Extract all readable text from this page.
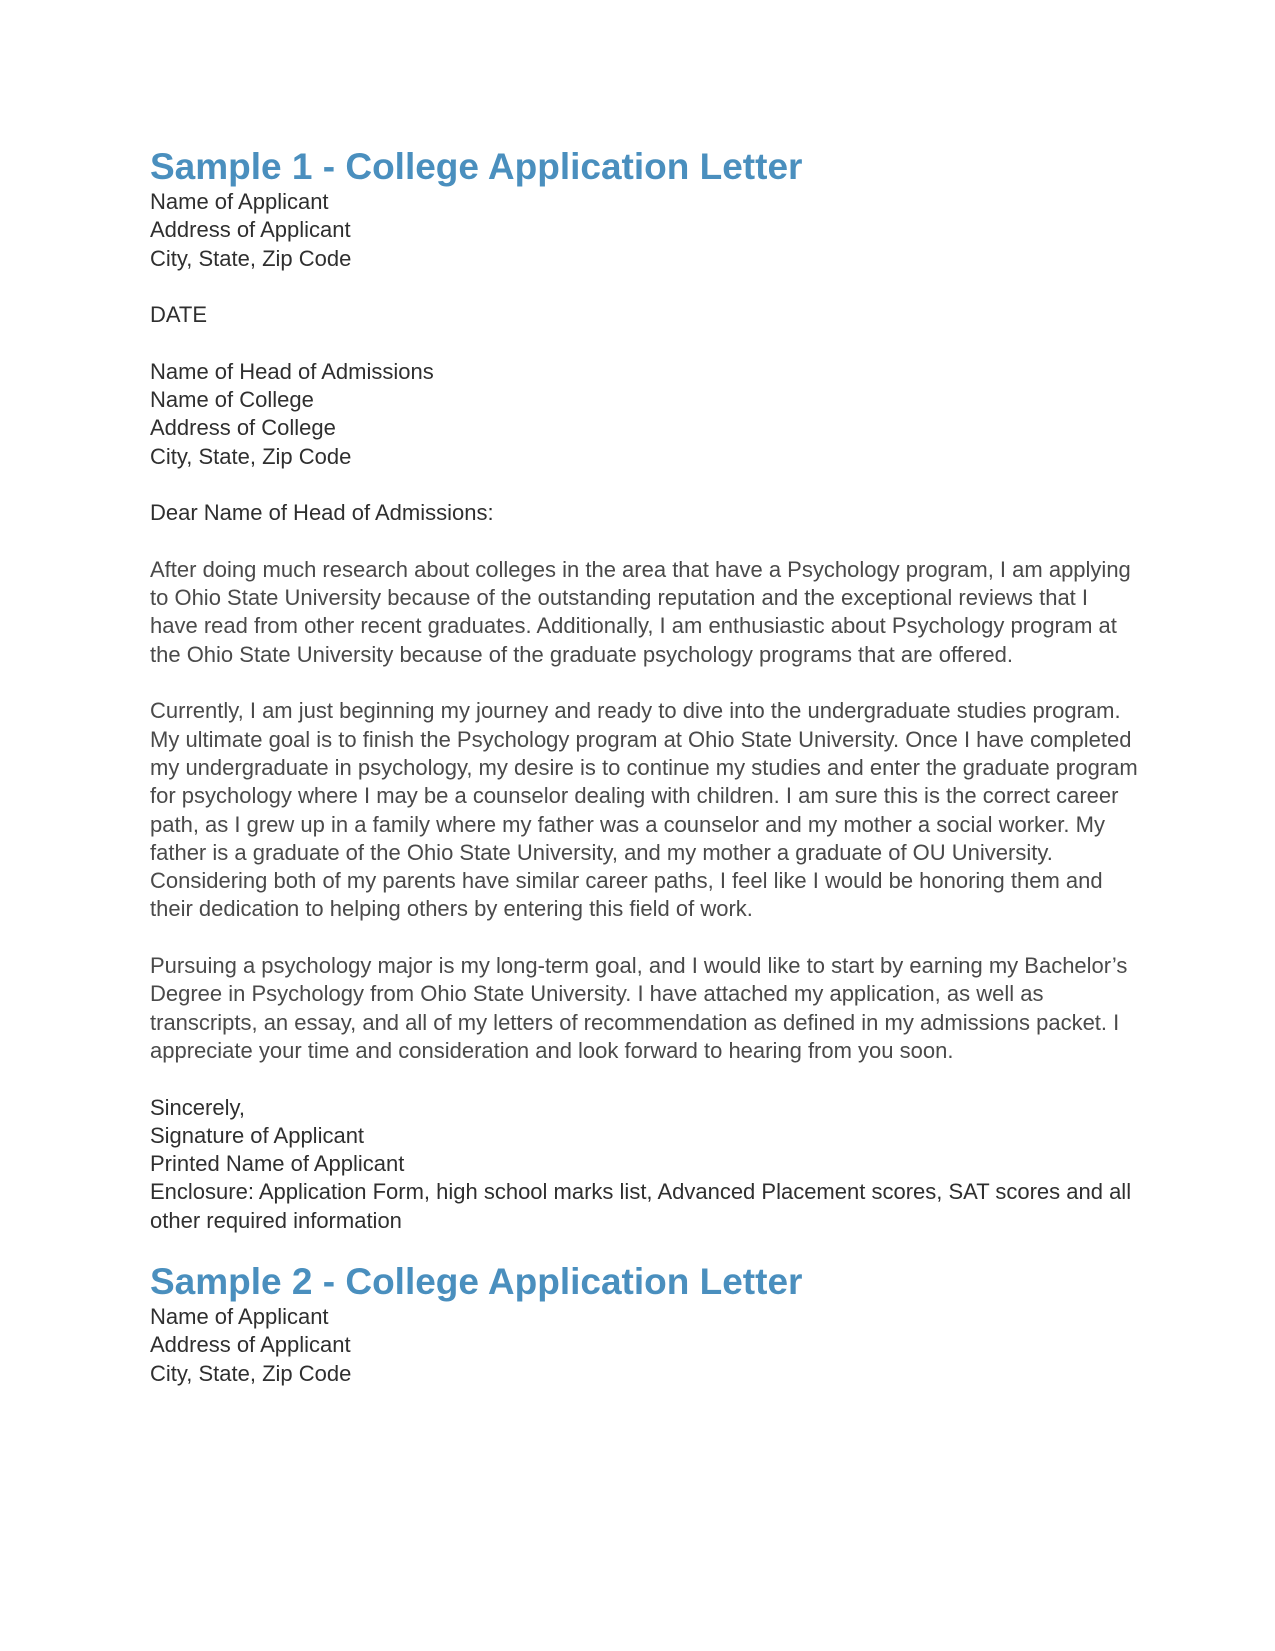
Sample 1 - College Application Letter
Name of Applicant
Address of Applicant
City, State, Zip Code
DATE
Name of Head of Admissions
Name of College
Address of College
City, State, Zip Code
Dear Name of Head of Admissions:

After doing much research about colleges in the area that have a Psychology program, I am applying to Ohio State University because of the outstanding reputation and the exceptional reviews that I have read from other recent graduates. Additionally, I am enthusiastic about Psychology program at the Ohio State University because of the graduate psychology programs that are offered.

Currently, I am just beginning my journey and ready to dive into the undergraduate studies program. My ultimate goal is to finish the Psychology program at Ohio State University. Once I have completed my undergraduate in psychology, my desire is to continue my studies and enter the graduate program for psychology where I may be a counselor dealing with children. I am sure this is the correct career path, as I grew up in a family where my father was a counselor and my mother a social worker. My father is a graduate of the Ohio State University, and my mother a graduate of OU University. Considering both of my parents have similar career paths, I feel like I would be honoring them and their dedication to helping others by entering this field of work.

Pursuing a psychology major is my long-term goal, and I would like to start by earning my Bachelor’s Degree in Psychology from Ohio State University. I have attached my application, as well as transcripts, an essay, and all of my letters of recommendation as defined in my admissions packet. I appreciate your time and consideration and look forward to hearing from you soon.

Sincerely,
Signature of Applicant
Printed Name of Applicant

Enclosure: Application Form, high school marks list, Advanced Placement scores, SAT scores and all other required information

Sample 2 - College Application Letter
Name of Applicant
Address of Applicant
City, State, Zip Code
